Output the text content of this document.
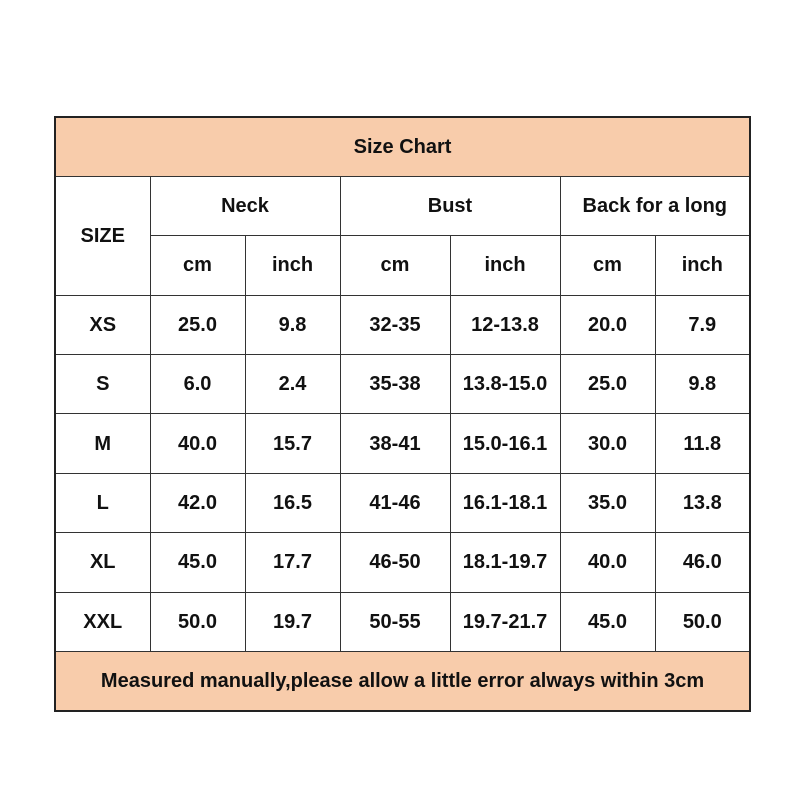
Size Chart						
SIZE	Neck		Bust		Back for a long	
	cm	inch	cm	inch	cm	inch
XS	25.0	9.8	32-35	12-13.8	20.0	7.9
S	6.0	2.4	35-38	13.8-15.0	25.0	9.8
M	40.0	15.7	38-41	15.0-16.1	30.0	11.8
L	42.0	16.5	41-46	16.1-18.1	35.0	13.8
XL	45.0	17.7	46-50	18.1-19.7	40.0	46.0
XXL	50.0	19.7	50-55	19.7-21.7	45.0	50.0
Measured manually,please allow a little error always within 3cm						
